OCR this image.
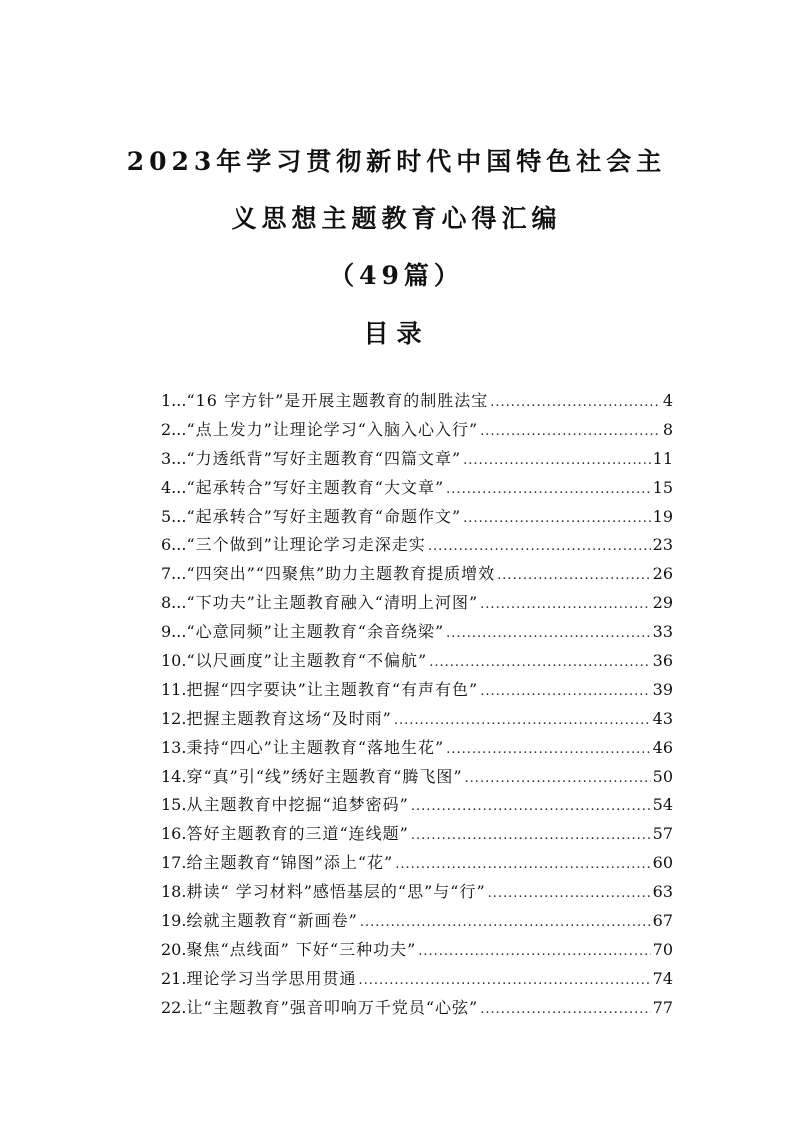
2023年学习贯彻新时代中国特色社会主
义思想主题教育心得汇编
（49篇）
目录
1... “16 字方针”是开展主题教育的制胜法宝 .....	4
2... “点上发力”让理论学习“入脑入心入行” .....	8
3... “力透纸背”写好主题教育“四篇文章” .....	11
4... “起承转合”写好主题教育“大文章” .....	15
5... “起承转合”写好主题教育“命题作文” .....	19
6... “三个做到”让理论学习走深走实 .....	23
7... “四突出”“四聚焦”助力主题教育提质增效 .....	26
8... “下功夫”让主题教育融入“清明上河图” .....	29
9... “心意同频”让主题教育“余音绕梁” .....	33
10. “以尺画度”让主题教育“不偏航” .....	36
11. 把握“四字要诀”让主题教育“有声有色” .....	39
12. 把握主题教育这场“及时雨” .....	43
13. 秉持“四心”让主题教育“落地生花” .....	46
14. 穿“真”引“线”绣好主题教育“腾飞图” .....	50
15. 从主题教育中挖掘“追梦密码” .....	54
16. 答好主题教育的三道“连线题” .....	57
17. 给主题教育“锦图”添上“花” .....	60
18. 耕读“ 学习材料”感悟基层的“思”与“行” .....	63
19. 绘就主题教育“新画卷” .....	67
20. 聚焦“点线面” 下好“三种功夫” .....	70
21. 理论学习当学思用贯通 .....	74
22. 让“主题教育”强音叩响万千党员“心弦” .....	77
